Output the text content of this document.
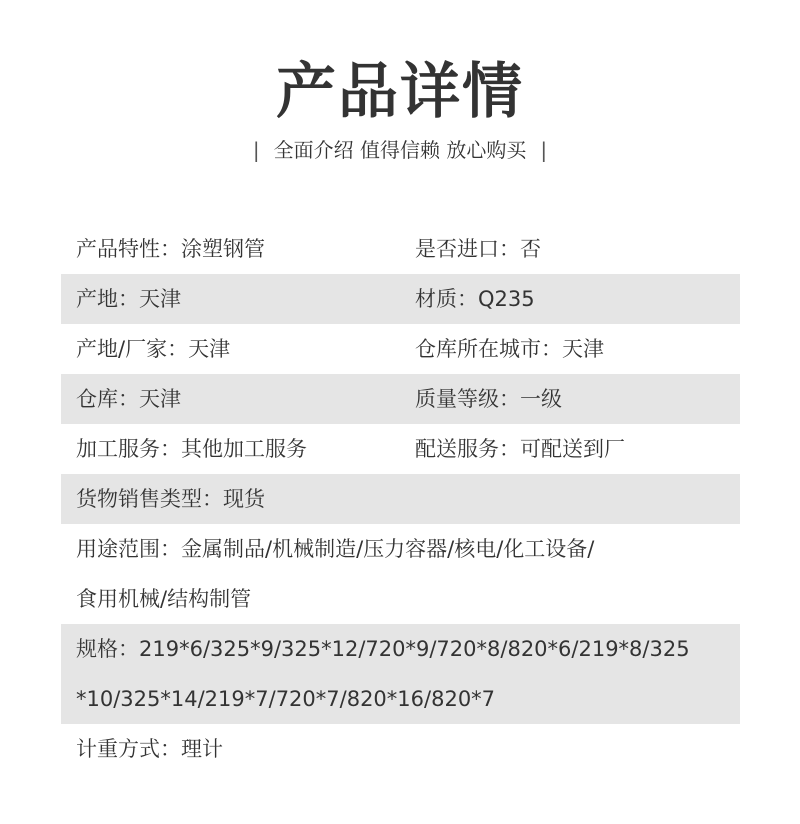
产品详情
| 全面介绍 值得信赖 放心购买 |
产品特性：涂塑钢管	是否进口：否
产地：天津	材质：Q235
产地/厂家：天津	仓库所在城市：天津
仓库：天津	质量等级：一级
加工服务：其他加工服务	配送服务：可配送到厂
货物销售类型：现货
用途范围：金属制品/机械制造/压力容器/核电/化工设备/
食用机械/结构制管
规格：219*6/325*9/325*12/720*9/720*8/820*6/219*8/325
*10/325*14/219*7/720*7/820*16/820*7
计重方式：理计
